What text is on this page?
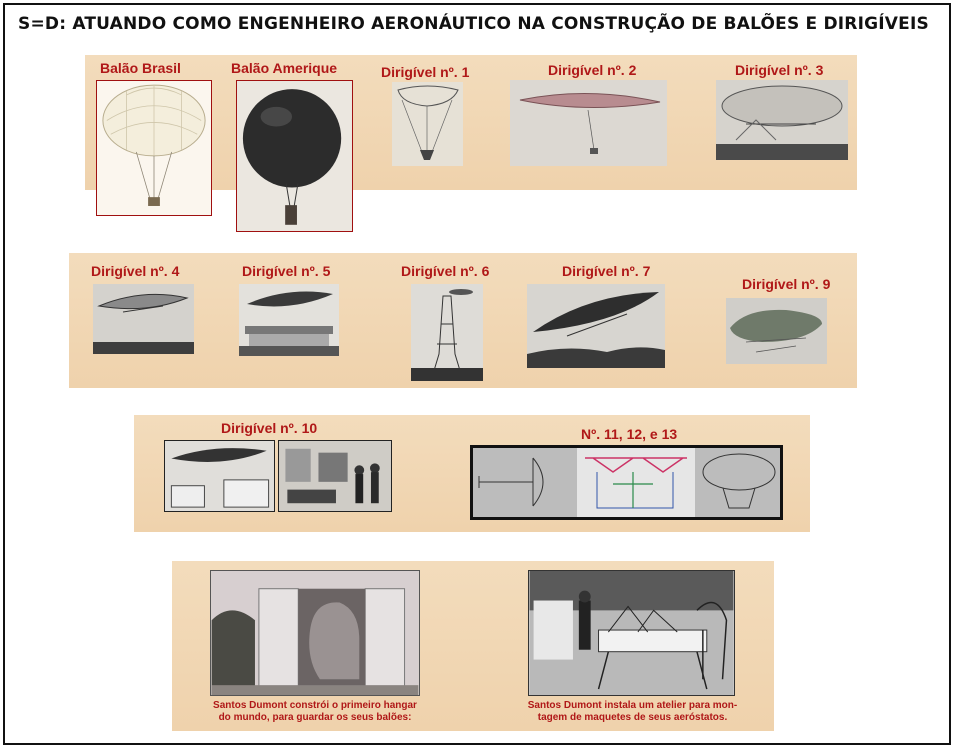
S=D: ATUANDO COMO ENGENHEIRO AERONÁUTICO NA CONSTRUÇÃO DE BALÕES E DIRIGÍVEIS
Balão Brasil	Balão Amerique	Dirigível nº. 1	Dirigível nº. 2	Dirigível nº. 3
Dirigível nº. 4	Dirigível nº. 5	Dirigível nº. 6	Dirigível nº. 7
Dirigível nº. 9
Dirigível nº. 10	Nº. 11, 12, e 13
Santos Dumont constrói o primeiro hangar
do mundo, para guardar os seus balões:
Santos Dumont instala um atelier para mon-
tagem de maquetes de seus aeróstatos.
